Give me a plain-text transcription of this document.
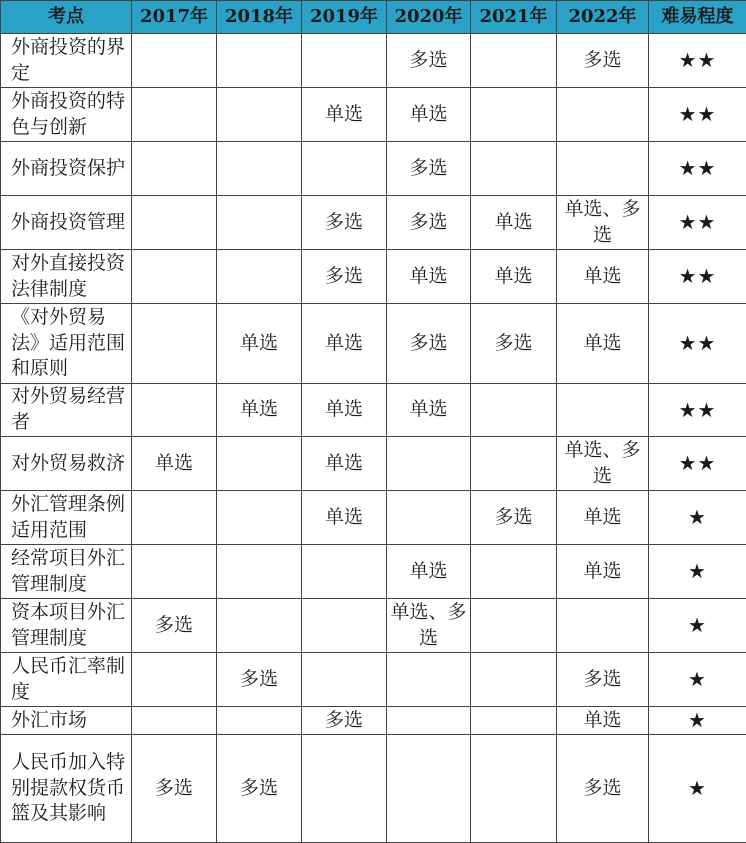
考点	2017年	2018年	2019年	2020年	2021年	2022年	难易程度
外商投资的界定				多选		多选	★★
外商投资的特色与创新			单选	单选			★★
外商投资保护				多选			★★
外商投资管理			多选	多选	单选	单选、多选	★★
对外直接投资法律制度			多选	单选	单选	单选	★★
《对外贸易法》适用范围和原则		单选	单选	多选	多选	单选	★★
对外贸易经营者		单选	单选	单选			★★
对外贸易救济	单选		单选			单选、多选	★★
外汇管理条例适用范围			单选		多选	单选	★
经常项目外汇管理制度				单选		单选	★
资本项目外汇管理制度	多选			单选、多选			★
人民币汇率制度		多选				多选	★
外汇市场			多选			单选	★
人民币加入特别提款权货币篮及其影响	多选	多选				多选	★
